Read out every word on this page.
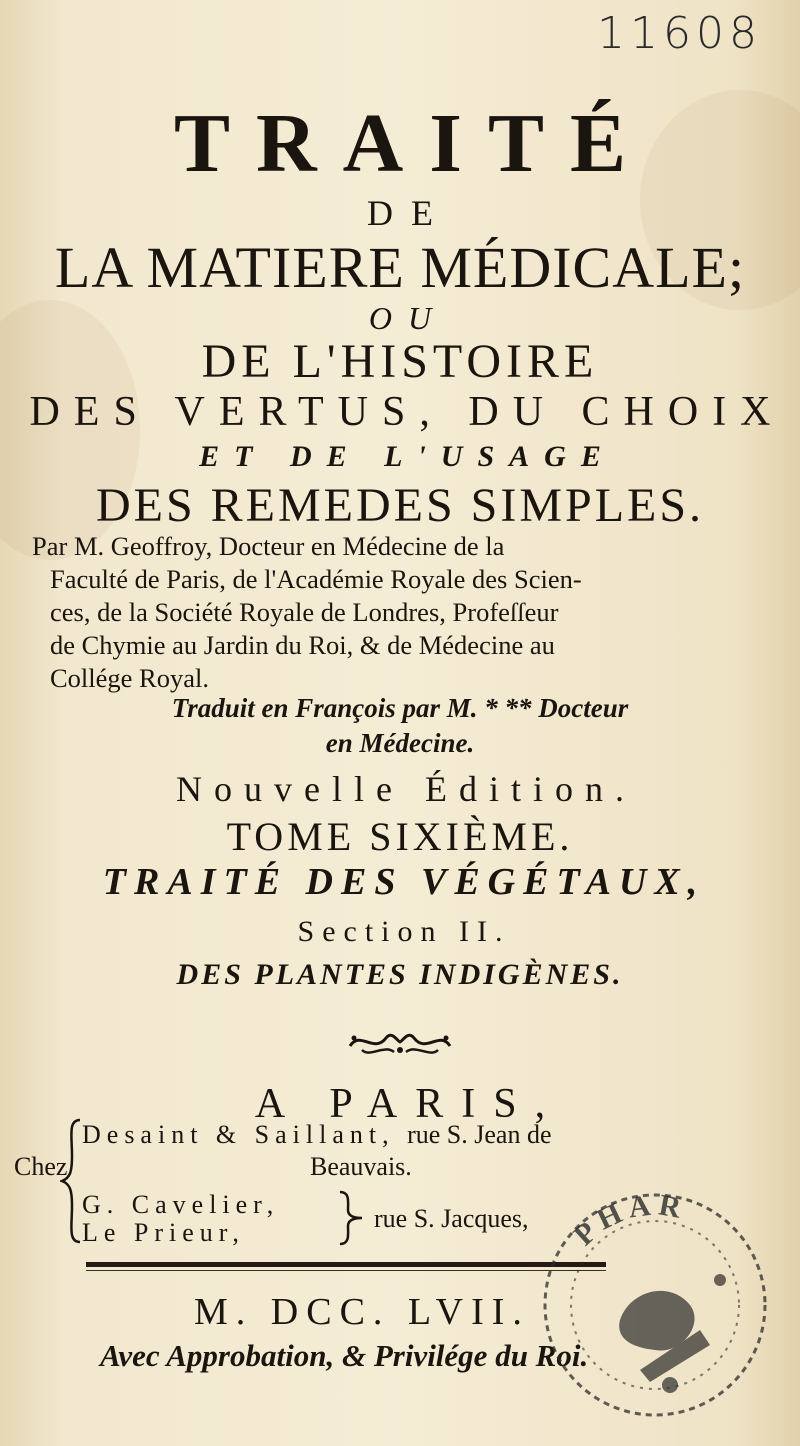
11608
TRAITÉ
DE
LA MATIERE MÉDICALE;
OU
DE L'HISTOIRE
DES VERTUS, DU CHOIX
ET DE L'USAGE
DES REMEDES SIMPLES.
Par M. Geoffroy, Docteur en Médecine de la
Faculté de Paris, de l'Académie Royale des Scien-
ces, de la Société Royale de Londres, Profeſſeur
de Chymie au Jardin du Roi, & de Médecine au
Collége Royal.
Traduit en François par M. * ** Docteur
en Médecine.
Nouvelle Édition.
TOME SIXIÈME.
TRAITÉ DES VÉGÉTAUX,
Section II.
DES PLANTES INDIGÈNES.
A PARIS,
Chez
Desaint & Saillant, rue S. Jean de
Beauvais.
G. Cavelier,
Le Prieur,	rue S. Jacques,
M. DCC. LVII.
Avec Approbation, & Privilége du Roi.
PHAR
